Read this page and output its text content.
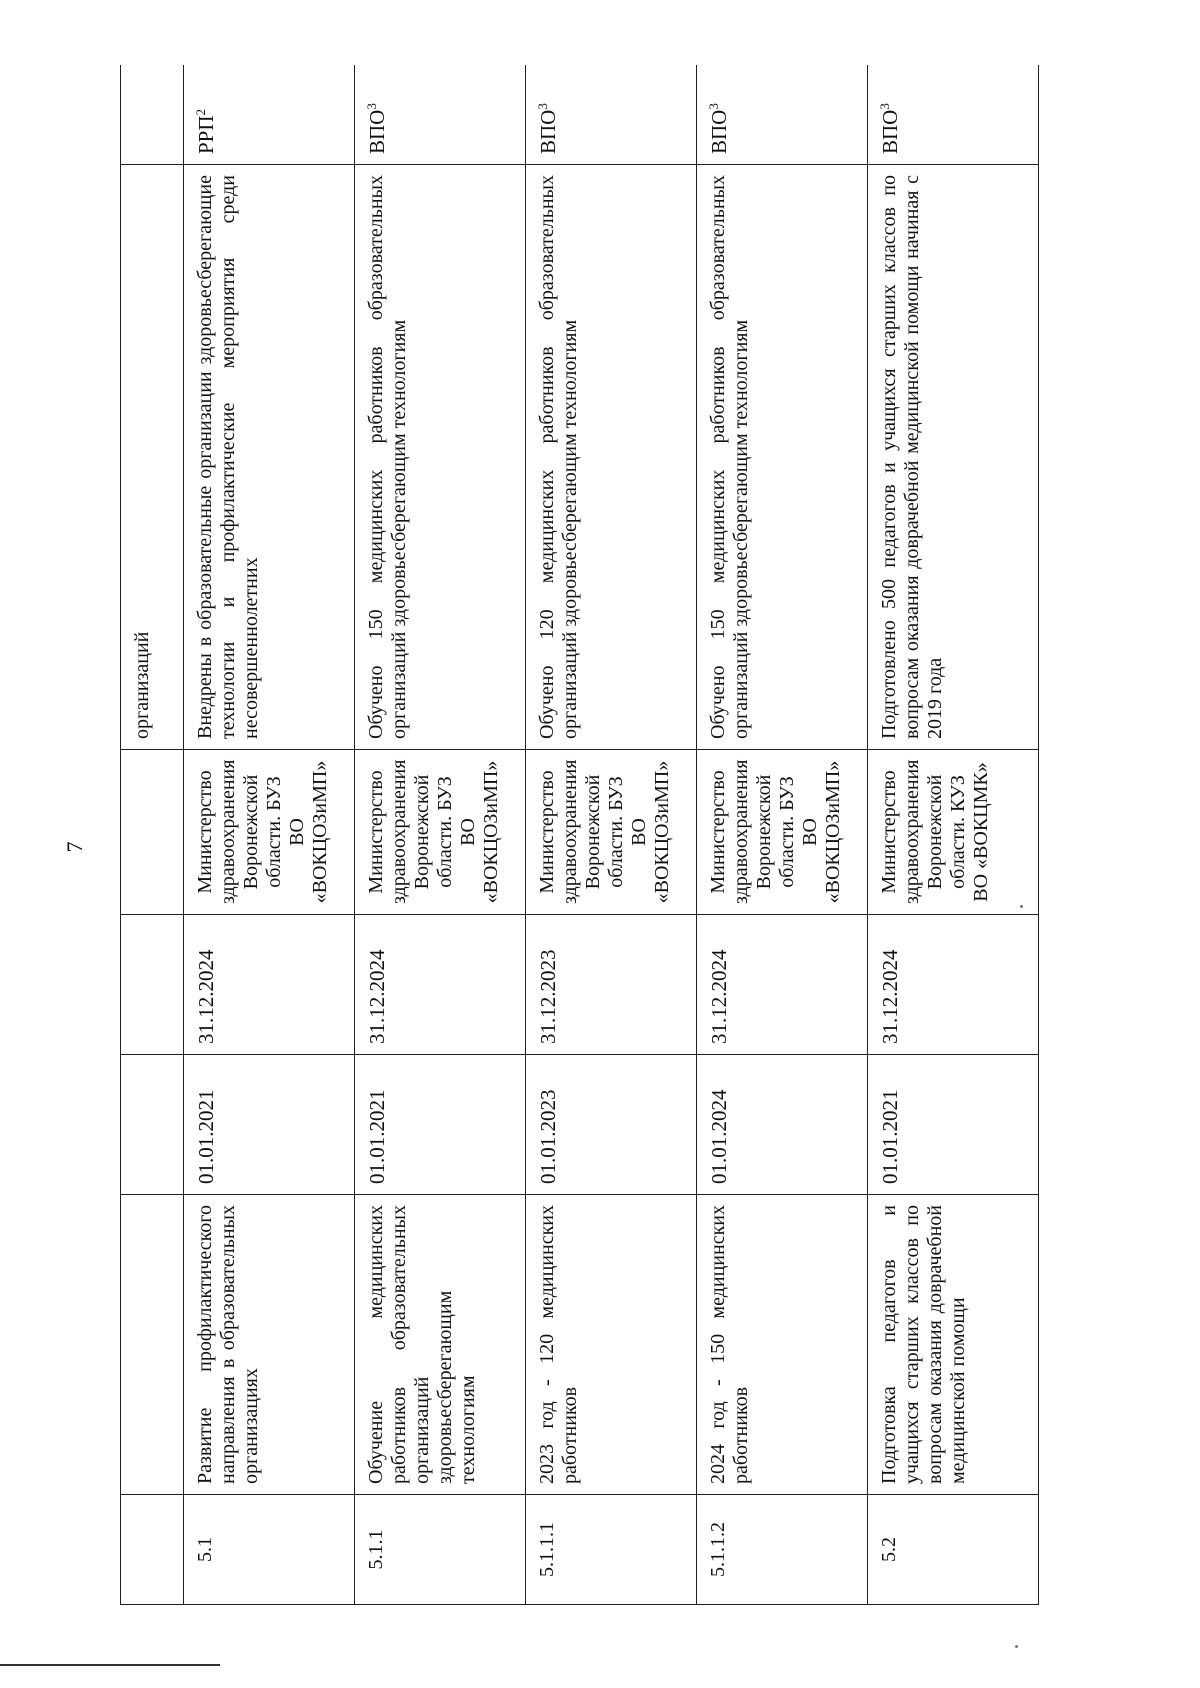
7
					организаций	
5.1	Развитие профилактического направления в образовательных организациях	01.01.2021	31.12.2024	Министерство здравоохранения Воронежской области. БУЗ ВО «ВОКЦОЗиМП»	Внедрены в образовательные организации здоровьесберегающие технологии и профилактические мероприятия среди несовершеннолетних	РРП$^2$
5.1.1	Обучение медицинских работников образовательных организаций здоровьесберегающим технологиям	01.01.2021	31.12.2024	Министерство здравоохранения Воронежской области. БУЗ ВО «ВОКЦОЗиМП»	Обучено 150 медицинских работников образовательных организаций здоровьесберегающим технологиям	ВПО$^3$
5.1.1.1	2023 год - 120 медицинских работников	01.01.2023	31.12.2023	Министерство здравоохранения Воронежской области. БУЗ ВО «ВОКЦОЗиМП»	Обучено 120 медицинских работников образовательных организаций здоровьесберегающим технологиям	ВПО$^3$
5.1.1.2	2024 год - 150 медицинских работников	01.01.2024	31.12.2024	Министерство здравоохранения Воронежской области. БУЗ ВО «ВОКЦОЗиМП»	Обучено 150 медицинских работников образовательных организаций здоровьесберегающим технологиям	ВПО$^3$
5.2	Подготовка педагогов и учащихся старших классов по вопросам оказания доврачебной медицинской помощи	01.01.2021	31.12.2024	Министерство здравоохранения Воронежской области. КУЗ ВО «ВОКЦМК»	Подготовлено 500 педагогов и учащихся старших классов по вопросам оказания доврачебной медицинской помощи начиная с 2019 года	ВПО$^3$
